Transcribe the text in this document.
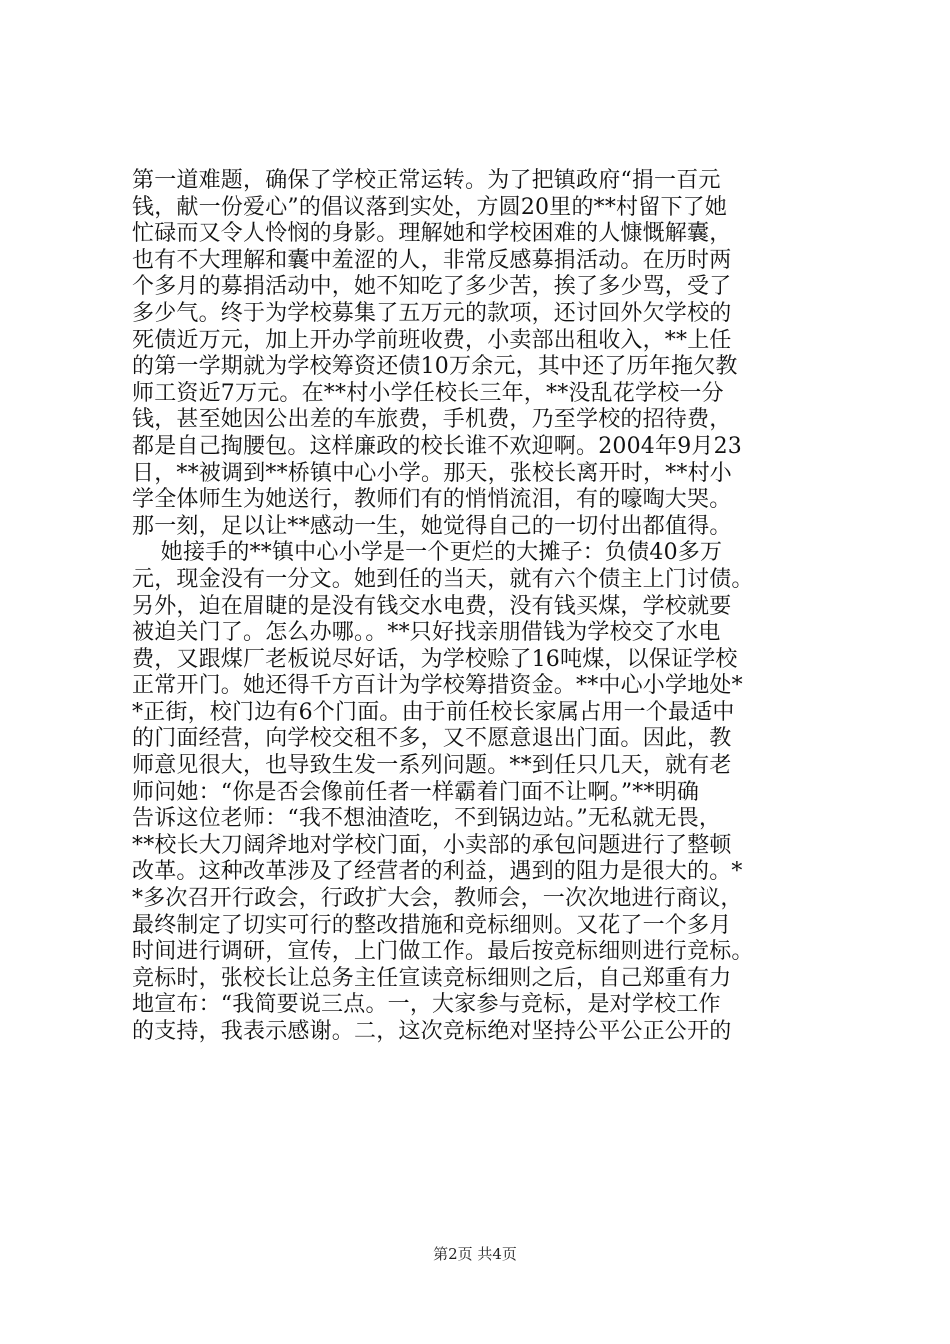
第一道难题，确保了学校正常运转。为了把镇政府“捐一百元
钱，献一份爱心”的倡议落到实处，方圆20里的**村留下了她
忙碌而又令人怜悯的身影。理解她和学校困难的人慷慨解囊，
也有不大理解和囊中羞涩的人，非常反感募捐活动。在历时两
个多月的募捐活动中，她不知吃了多少苦，挨了多少骂，受了
多少气。终于为学校募集了五万元的款项，还讨回外欠学校的
死债近万元，加上开办学前班收费，小卖部出租收入，**上任
的第一学期就为学校筹资还债10万余元，其中还了历年拖欠教
师工资近7万元。在**村小学任校长三年，**没乱花学校一分
钱，甚至她因公出差的车旅费，手机费，乃至学校的招待费，
都是自己掏腰包。这样廉政的校长谁不欢迎啊。2004年9月23
日，**被调到**桥镇中心小学。那天，张校长离开时，**村小
学全体师生为她送行，教师们有的悄悄流泪，有的嚎啕大哭。
那一刻，足以让**感动一生，她觉得自己的一切付出都值得。
她接手的**镇中心小学是一个更烂的大摊子：负债40多万
元，现金没有一分文。她到任的当天，就有六个债主上门讨债。
另外，迫在眉睫的是没有钱交水电费，没有钱买煤，学校就要
被迫关门了。怎么办哪。。**只好找亲朋借钱为学校交了水电
费，又跟煤厂老板说尽好话，为学校赊了16吨煤，以保证学校
正常开门。她还得千方百计为学校筹措资金。**中心小学地处*
*正街，校门边有6个门面。由于前任校长家属占用一个最适中
的门面经营，向学校交租不多，又不愿意退出门面。因此，教
师意见很大，也导致生发一系列问题。**到任只几天，就有老
师问她：“你是否会像前任者一样霸着门面不让啊。”**明确
告诉这位老师：“我不想油渣吃，不到锅边站。”无私就无畏，
**校长大刀阔斧地对学校门面，小卖部的承包问题进行了整顿
改革。这种改革涉及了经营者的利益，遇到的阻力是很大的。*
*多次召开行政会，行政扩大会，教师会，一次次地进行商议，
最终制定了切实可行的整改措施和竞标细则。又花了一个多月
时间进行调研，宣传，上门做工作。最后按竞标细则进行竞标。
竞标时，张校长让总务主任宣读竞标细则之后，自己郑重有力
地宣布：“我简要说三点。一，大家参与竞标，是对学校工作
的支持，我表示感谢。二，这次竞标绝对坚持公平公正公开的
第2页 共4页
